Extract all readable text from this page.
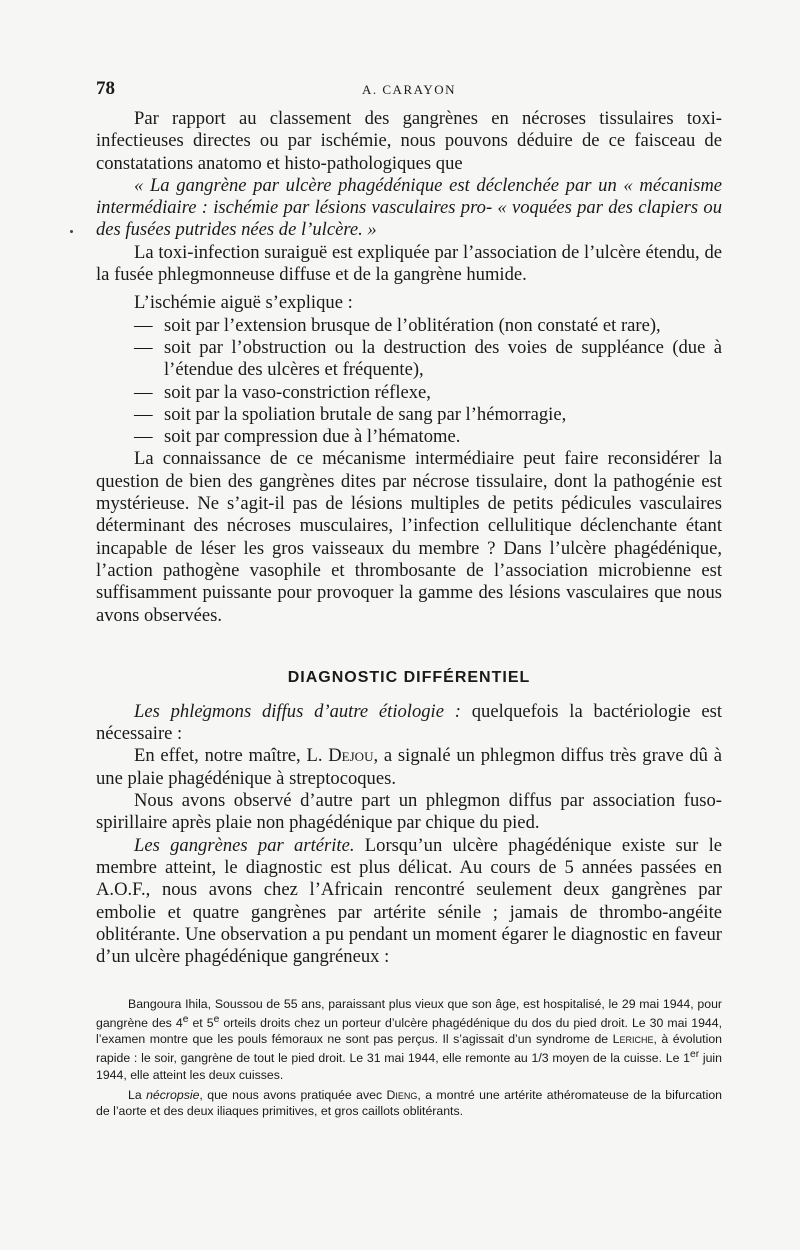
78	A. CARAYON

Par rapport au classement des gangrènes en nécroses tissulaires toxi-infectieuses directes ou par ischémie, nous pouvons déduire de ce faisceau de constatations anatomo et histo-pathologiques que

« La gangrène par ulcère phagédénique est déclenchée par un « mécanisme intermédiaire : ischémie par lésions vasculaires pro- « voquées par des clapiers ou des fusées putrides nées de l’ulcère. »

La toxi-infection suraiguë est expliquée par l’association de l’ulcère étendu, de la fusée phlegmonneuse diffuse et de la gangrène humide.

L’ischémie aiguë s’explique :

— soit par l’extension brusque de l’oblitération (non constaté et rare),
— soit par l’obstruction ou la destruction des voies de suppléance (due à l’étendue des ulcères et fréquente),
— soit par la vaso-constriction réflexe,
— soit par la spoliation brutale de sang par l’hémorragie,
— soit par compression due à l’hématome.

La connaissance de ce mécanisme intermédiaire peut faire reconsidérer la question de bien des gangrènes dites par nécrose tissulaire, dont la pathogénie est mystérieuse. Ne s’agit-il pas de lésions multiples de petits pédicules vasculaires déterminant des nécroses musculaires, l’infection cellulitique déclenchante étant incapable de léser les gros vaisseaux du membre ? Dans l’ulcère phagédénique, l’action pathogène vasophile et thrombosante de l’association microbienne est suffisamment puissante pour provoquer la gamme des lésions vasculaires que nous avons observées.

DIAGNOSTIC DIFFÉRENTIEL

Les phlegmons diffus d’autre étiologie : quelquefois la bactériologie est nécessaire :

En effet, notre maître, L. Dejou, a signalé un phlegmon diffus très grave dû à une plaie phagédénique à streptocoques.

Nous avons observé d’autre part un phlegmon diffus par association fuso-spirillaire après plaie non phagédénique par chique du pied.

Les gangrènes par artérite. Lorsqu’un ulcère phagédénique existe sur le membre atteint, le diagnostic est plus délicat. Au cours de 5 années passées en A.O.F., nous avons chez l’Africain rencontré seulement deux gangrènes par embolie et quatre gangrènes par artérite sénile ; jamais de thrombo-angéite oblitérante. Une observation a pu pendant un moment égarer le diagnostic en faveur d’un ulcère phagédénique gangréneux :

Bangoura Ihila, Soussou de 55 ans, paraissant plus vieux que son âge, est hospitalisé, le 29 mai 1944, pour gangrène des 4e et 5e orteils droits chez un porteur d’ulcère phagédénique du dos du pied droit. Le 30 mai 1944, l’examen montre que les pouls fémoraux ne sont pas perçus. Il s’agissait d’un syndrome de Leriche, à évolution rapide : le soir, gangrène de tout le pied droit. Le 31 mai 1944, elle remonte au 1/3 moyen de la cuisse. Le 1er juin 1944, elle atteint les deux cuisses.

La nécropsie, que nous avons pratiquée avec Dieng, a montré une artérite athéromateuse de la bifurcation de l’aorte et des deux iliaques primitives, et gros caillots oblitérants.
